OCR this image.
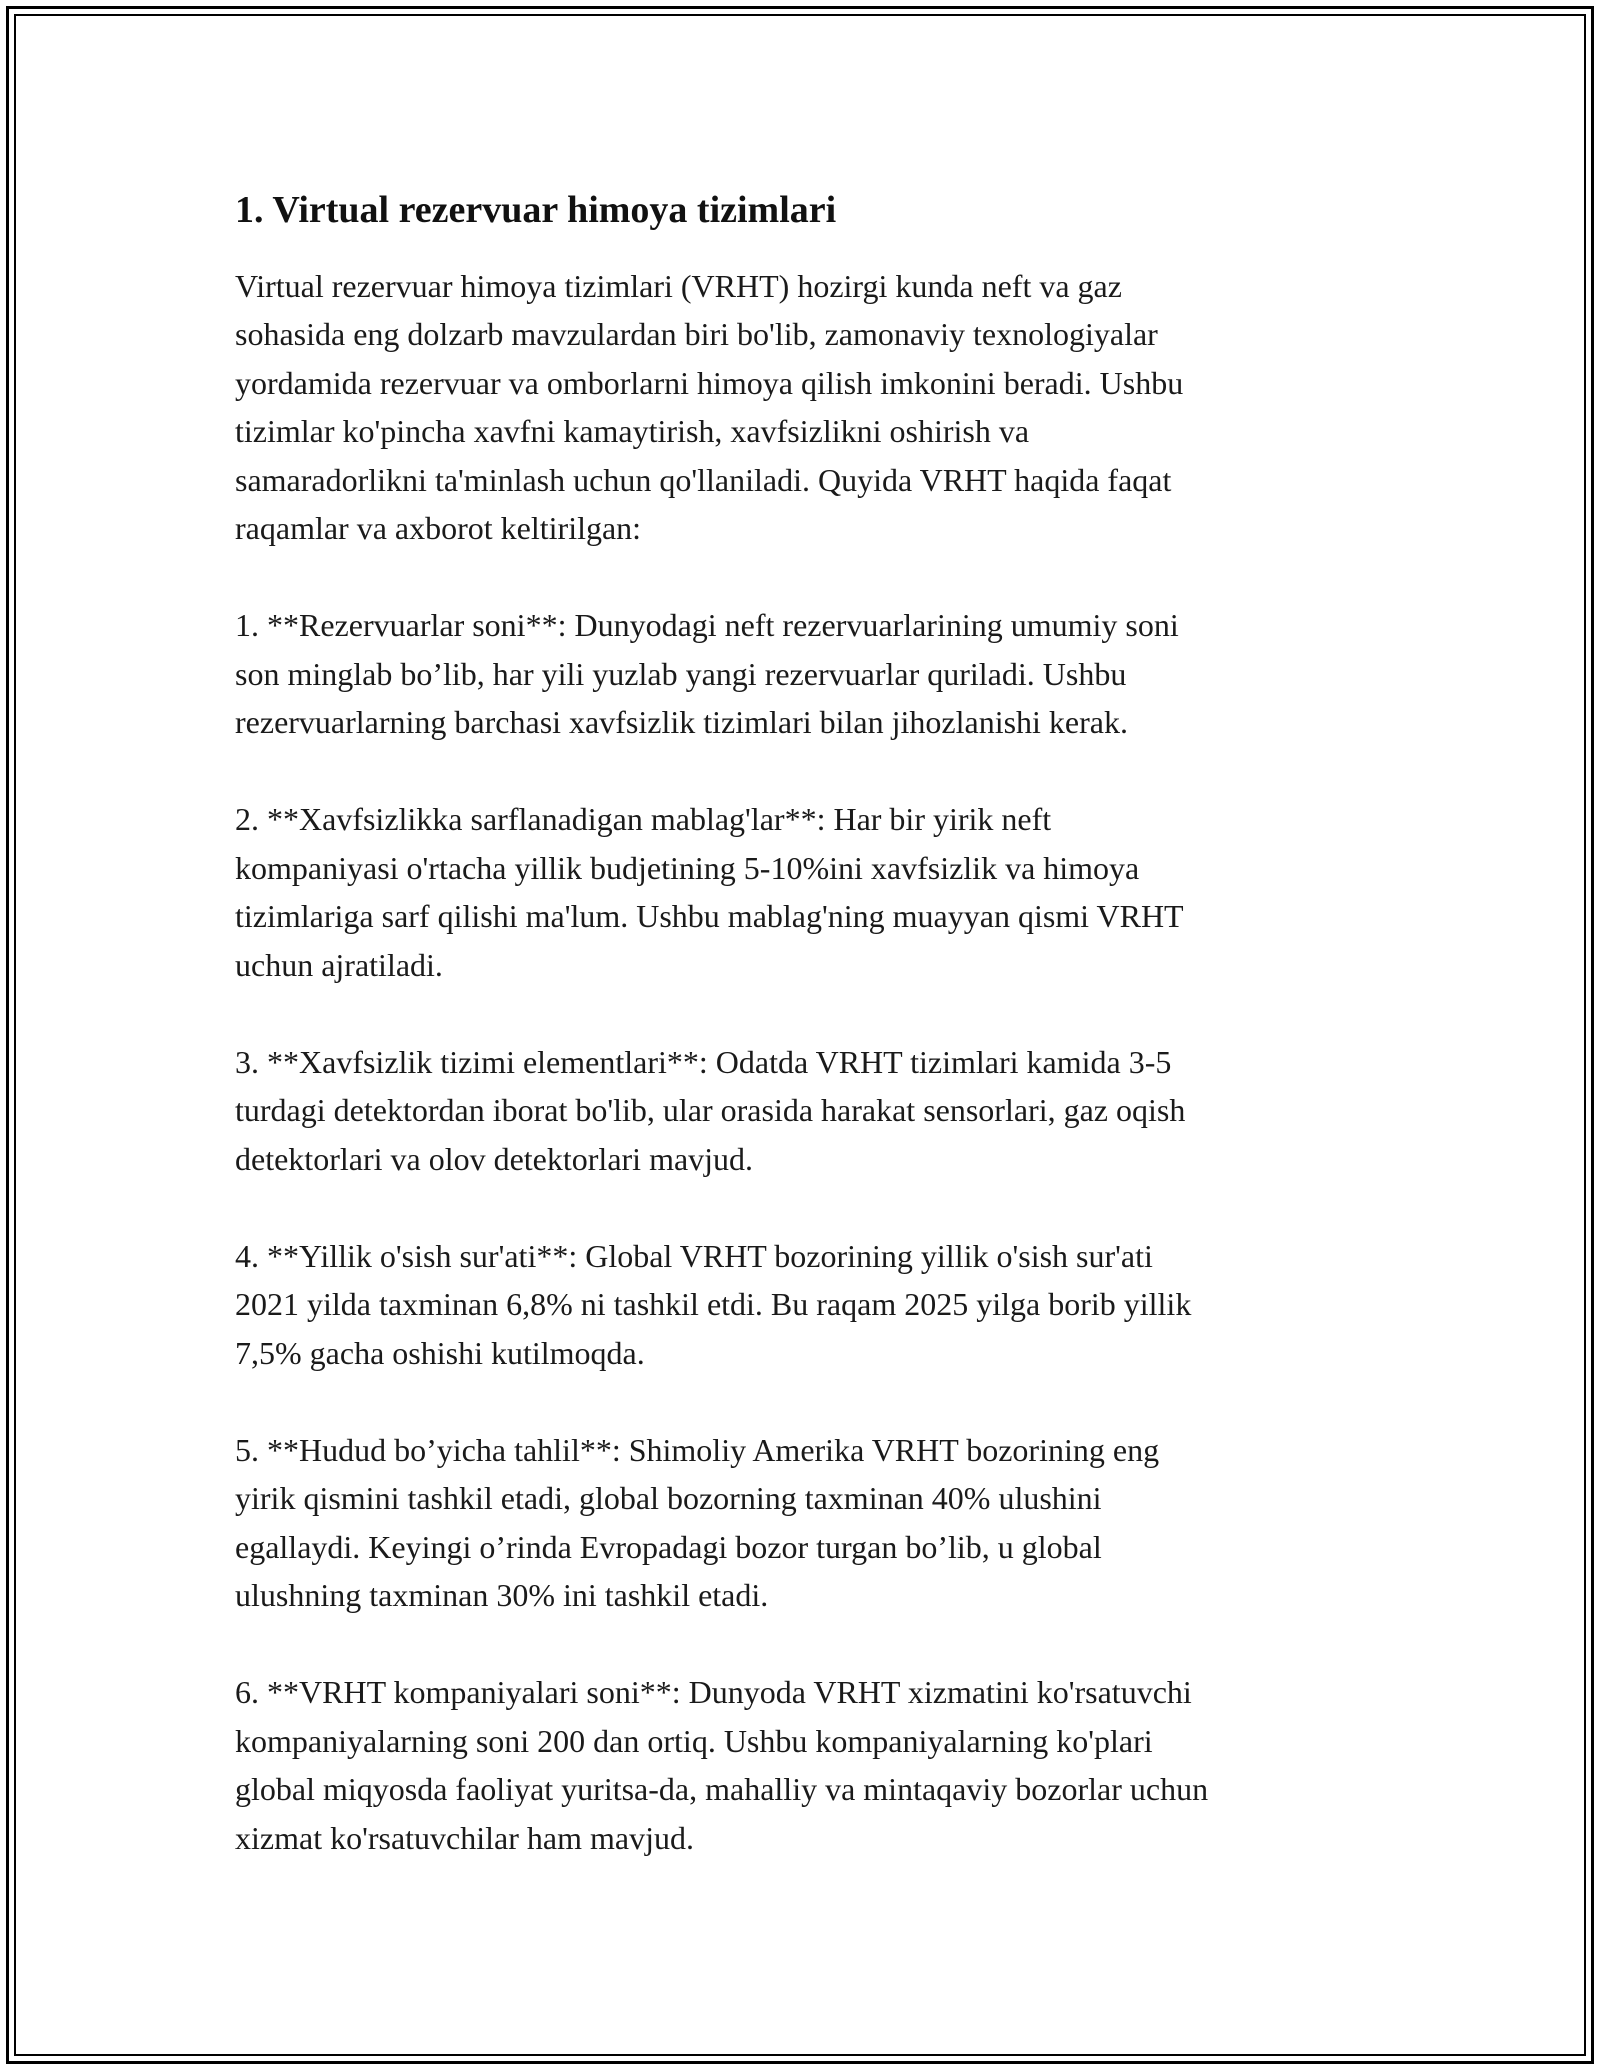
1. Virtual rezervuar himoya tizimlari

Virtual rezervuar himoya tizimlari (VRHT) hozirgi kunda neft va gaz
sohasida eng dolzarb mavzulardan biri bo'lib, zamonaviy texnologiyalar
yordamida rezervuar va omborlarni himoya qilish imkonini beradi. Ushbu
tizimlar ko'pincha xavfni kamaytirish, xavfsizlikni oshirish va
samaradorlikni ta'minlash uchun qo'llaniladi. Quyida VRHT haqida faqat
raqamlar va axborot keltirilgan:

1. **Rezervuarlar soni**: Dunyodagi neft rezervuarlarining umumiy soni
son minglab bo’lib, har yili yuzlab yangi rezervuarlar quriladi. Ushbu
rezervuarlarning barchasi xavfsizlik tizimlari bilan jihozlanishi kerak.

2. **Xavfsizlikka sarflanadigan mablag'lar**: Har bir yirik neft
kompaniyasi o'rtacha yillik budjetining 5-10%ini xavfsizlik va himoya
tizimlariga sarf qilishi ma'lum. Ushbu mablag'ning muayyan qismi VRHT
uchun ajratiladi.

3. **Xavfsizlik tizimi elementlari**: Odatda VRHT tizimlari kamida 3-5
turdagi detektordan iborat bo'lib, ular orasida harakat sensorlari, gaz oqish
detektorlari va olov detektorlari mavjud.

4. **Yillik o'sish sur'ati**: Global VRHT bozorining yillik o'sish sur'ati
2021 yilda taxminan 6,8% ni tashkil etdi. Bu raqam 2025 yilga borib yillik
7,5% gacha oshishi kutilmoqda.

5. **Hudud bo’yicha tahlil**: Shimoliy Amerika VRHT bozorining eng
yirik qismini tashkil etadi, global bozorning taxminan 40% ulushini
egallaydi. Keyingi o’rinda Evropadagi bozor turgan bo’lib, u global
ulushning taxminan 30% ini tashkil etadi.

6. **VRHT kompaniyalari soni**: Dunyoda VRHT xizmatini ko'rsatuvchi
kompaniyalarning soni 200 dan ortiq. Ushbu kompaniyalarning ko'plari
global miqyosda faoliyat yuritsa-da, mahalliy va mintaqaviy bozorlar uchun
xizmat ko'rsatuvchilar ham mavjud.
